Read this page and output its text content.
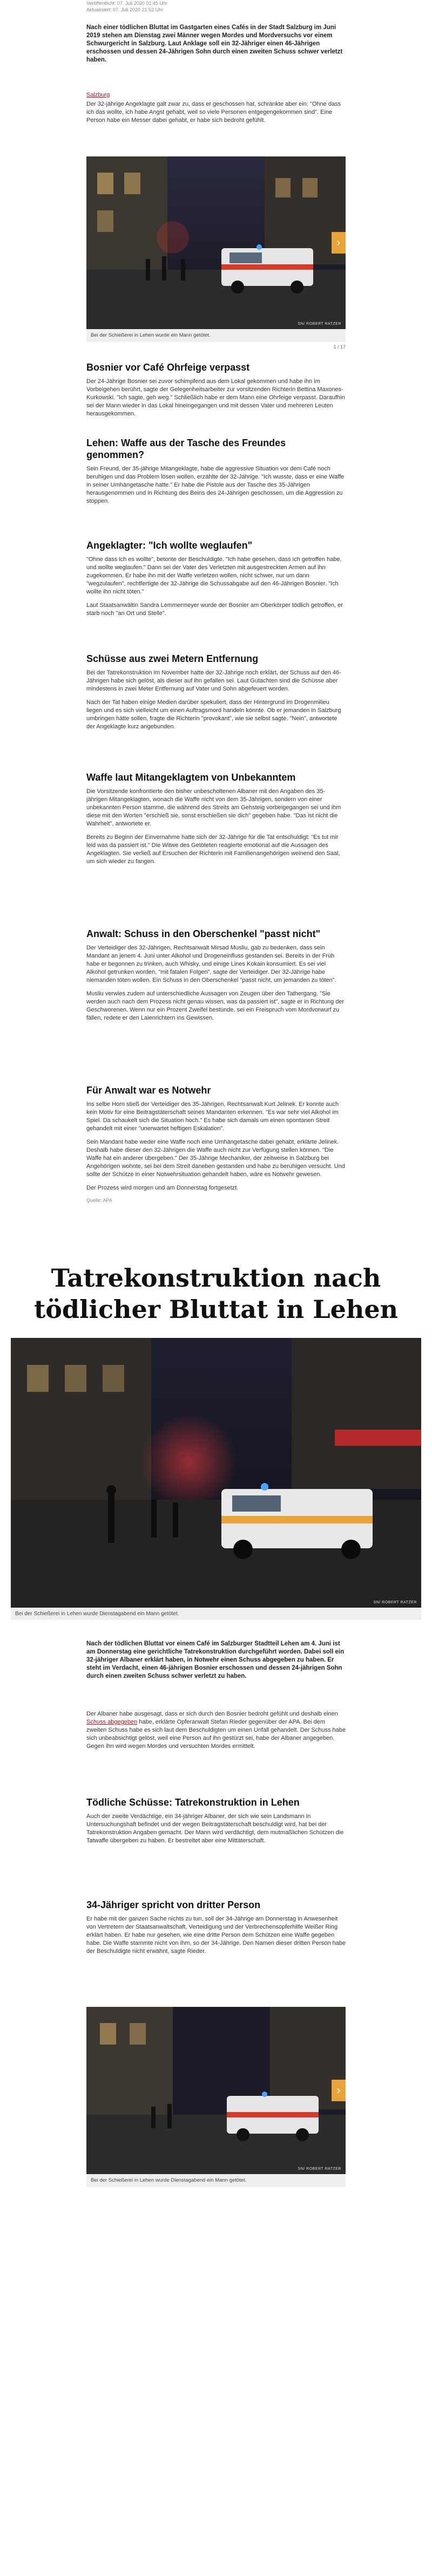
Veröffentlicht: 07. Juli 2020 01:45 Uhr
Aktualisiert: 07. Juli 2020 21:52 Uhr

Nach einer tödlichen Bluttat im Gastgarten eines Cafés in der Stadt Salzburg im Juni 2019 stehen am Dienstag zwei Männer wegen Mordes und Mordversuchs vor einem Schwurgericht in Salzburg. Laut Anklage soll ein 32-Jähriger einen 46-Jährigen erschossen und dessen 24-Jährigen Sohn durch einen zweiten Schuss schwer verletzt haben.

Salzburg

Der 32-jährige Angeklagte galt zwar zu, dass er geschossen hat, schränkte aber ein: "Ohne dass ich das wollte, ich habe Angst gehabt, weil so viele Personen entgegengekommen sind". Eine Person habe ein Messer dabei gehabt, er habe sich bedroht gefühlt.

SN/ ROBERT RATZER
›
Bei der Schießerei in Lehen wurde ein Mann getötet.
1 / 17
Bosnier vor Café Ohrfeige verpasst

Der 24-Jährige Bosnier sei zuvor schimpfend aus dem Lokal gekommen und habe ihn im Vorbeigehen berührt, sagte der Gelegenheitsarbeiter zur vorsitzenden Richterin Bettina Maxones-Kurkowski. "Ich sagte, geh weg." Schließlich habe er dem Mann eine Ohrfeige verpasst. Daraufhin sei der Mann wieder in das Lokal hineingegangen und mit dessen Vater und mehreren Leuten herausgekommen.

Lehen: Waffe aus der Tasche des Freundes genommen?

Sein Freund, der 35-jährige Mitangeklagte, habe die aggressive Situation vor dem Café noch beruhigen und das Problem lösen wollen, erzählte der 32-Jährige. "Ich wusste, dass er eine Waffe in seiner Umhängetasche hatte." Er habe die Pistole aus der Tasche des 35-Jährigen herausgenommen und in Richtung des Beins des 24-Jährigen geschossen, um die Aggression zu stoppen.

Angeklagter: "Ich wollte weglaufen"

"Ohne dass ich es wollte", betonte der Beschuldigte. "Ich habe gesehen, dass ich getroffen habe, und wollte weglaufen." Dann sei der Vater des Verletzten mit ausgestreckten Armen auf ihn zugekommen. Er habe ihn mit der Waffe verletzen wollen, nicht schwer, nur um dann "wegzulaufen", rechtfertigte der 32-Jährige die Schussabgabe auf den 46-Jährigen Bosnier. "Ich wollte ihn nicht töten."

Laut Staatsanwältin Sandra Lemmermeyer wurde der Bosnier am Oberkörper tödlich getroffen, er starb noch "an Ort und Stelle".

Schüsse aus zwei Metern Entfernung

Bei der Tatrekonstruktion im November hatte der 32-Jährige noch erklärt, der Schuss auf den 46-Jährigen habe sich gelöst, als dieser auf ihn gefallen sei. Laut Gutachten sind die Schüsse aber mindestens in zwei Meter Entfernung auf Vater und Sohn abgefeuert worden.

Nach der Tat haben einige Medien darüber spekuliert, dass der Hintergrund im Drogenmilieu liegen und es sich vielleicht um einen Auftragsmord handeln könnte. Ob er jemanden in Salzburg umbringen hätte sollen, fragte die Richterin "provokant", wie sie selbst sagte. "Nein", antwortete der Angeklagte kurz angebunden.

Waffe laut Mitangeklagtem von Unbekanntem

Die Vorsitzende konfrontierte den bisher unbescholtenen Albaner mit den Angaben des 35-jährigen Mitangeklagten, wonach die Waffe nicht von dem 35-Jährigen, sondern von einer unbekannten Person stamme, die während des Streits am Gehsteig vorbeigegangen sei und ihm diese mit den Worten "erschieß sie, sonst erschießen sie dich" gegeben habe. "Das ist nicht die Wahrheit", antwortete er.

Bereits zu Beginn der Einvernahme hatte sich der 32-Jährige für die Tat entschuldigt: "Es tut mir leid was da passiert ist." Die Witwe des Getöteten reagierte emotional auf die Aussagen des Angeklagten. Sie verließ auf Ersuchen der Richterin mit Familienangehörigen weinend den Saal, um sich wieder zu fangen.

Anwalt: Schuss in den Oberschenkel "passt nicht"

Der Verteidiger des 32-Jährigen, Rechtsanwalt Mirsad Musliu, gab zu bedenken, dass sein Mandant an jenem 4. Juni unter Alkohol und Drogeneinfluss gestanden sei. Bereits in der Früh habe er begonnen zu trinken, auch Whisky, und einige Lines Kokain konsumiert. Es sei viel Alkohol getrunken worden, "mit fatalen Folgen", sagte der Verteidiger. Der 32-Jährige habe niemanden töten wollen. Ein Schuss in den Oberschenkel "passt nicht, um jemanden zu töten".

Musliu verwies zudem auf unterschiedliche Aussagen von Zeugen über den Tathergang. "Sie werden auch nach dem Prozess nicht genau wissen, was da passiert ist", sagte er in Richtung der Geschworenen. Wenn nur ein Prozent Zweifel bestünde, sei ein Freispruch vom Mordvorwurf zu fällen, redete er den Laienrichtern ins Gewissen.

Für Anwalt war es Notwehr

Ins selbe Horn stieß der Verteidiger des 35-Jährigen, Rechtsanwalt Kurt Jelinek. Er konnte auch kein Motiv für eine Beitragstäterschaft seines Mandanten erkennen. "Es war sehr viel Alkohol im Spiel. Da schaukelt sich die Situation hoch." Es habe sich damals um einen spontanen Streit gehandelt mit einer "unerwartet heftigen Eskalation".

Sein Mandant habe weder eine Waffe noch eine Umhängetasche dabei gehabt, erklärte Jelinek. Deshalb habe dieser den 32-Jährigen die Waffe auch nicht zur Verfügung stellen können. "Die Waffe hat ein anderer übergeben." Der 35-Jährige Mechaniker, der zeitweise in Salzburg bei Angehörigen wohnte, sei bei dem Streit daneben gestanden und habe zu beruhigen versucht. Und sollte der Schütze in einer Notwehrsituation gehandelt haben, wäre es Notwehr gewesen.

Der Prozess wird morgen und am Donnerstag fortgesetzt.

Quelle: APA
Tatrekonstruktion nach tödlicher Bluttat in Lehen
SN/ ROBERT RATZER
Bei der Schießerei in Lehen wurde Dienstagabend ein Mann getötet.

Nach der tödlichen Bluttat vor einem Café im Salzburger Stadtteil Lehen am 4. Juni ist am Donnerstag eine gerichtliche Tatrekonstruktion durchgeführt worden. Dabei soll ein 32-jähriger Albaner erklärt haben, in Notwehr einen Schuss abgegeben zu haben. Er steht im Verdacht, einen 46-jährigen Bosnier erschossen und dessen 24-jährigen Sohn durch einen zweiten Schuss schwer verletzt zu haben.

Der Albaner habe ausgesagt, dass er sich durch den Bosnier bedroht gefühlt und deshalb einen Schuss abgegeben habe, erklärte Opferanwalt Stefan Rieder gegenüber der APA. Bei dem zweiten Schuss habe es sich laut dem Beschuldigten um einen Unfall gehandelt. Der Schuss habe sich unbeabsichtigt gelöst, weil eine Person auf ihn gestürzt sei, habe der Albaner angegeben. Gegen ihn wird wegen Mordes und versuchten Mordes ermittelt.

Tödliche Schüsse: Tatrekonstruktion in Lehen

Auch der zweite Verdächtige, ein 34-jähriger Albaner, der sich wie sein Landsmann in Untersuchungshaft befindet und der wegen Beitragstäterschaft beschuldigt wird, hat bei der Tatrekonstruktion Angaben gemacht. Der Mann wird verdächtigt, dem mutmaßlichen Schützen die Tatwaffe übergeben zu haben. Er bestreitet aber eine Mittäterschaft.

34-Jähriger spricht von dritter Person

Er habe mit der ganzen Sache nichts zu tun, soll der 34-Jährige am Donnerstag in Anwesenheit von Vertretern der Staatsanwaltschaft, Verteidigung und der Verbrechensopferhilfe Weißer Ring erklärt haben. Er habe nur gesehen, wie eine dritte Person dem Schützen eine Waffe gegeben habe. Die Waffe stammte nicht von ihm, so der 34-Jährige. Den Namen dieser dritten Person habe der Beschuldigte nicht erwähnt, sagte Rieder.

SN/ ROBERT RATZER
›
Bei der Schießerei in Lehen wurde Dienstagabend ein Mann getötet.
